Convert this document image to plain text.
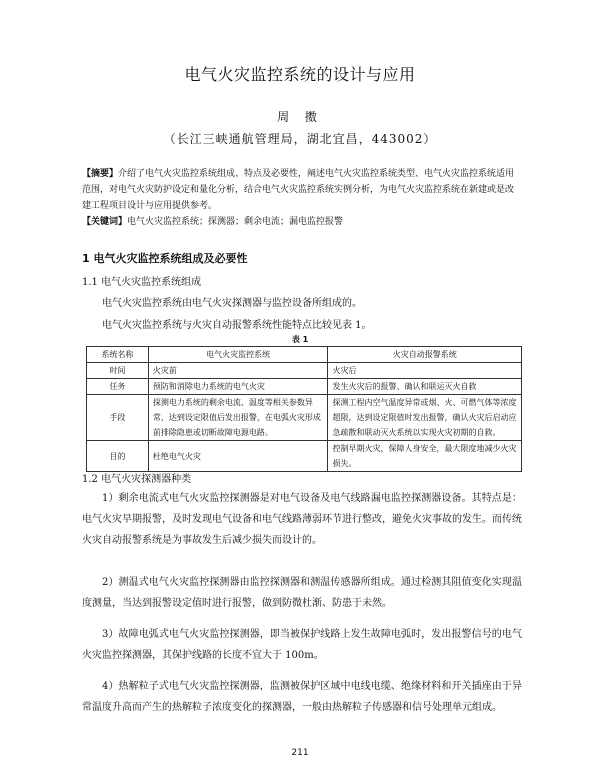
电气火灾监控系统的设计与应用
周 擞
（长江三峡通航管理局，湖北宜昌，443002）
【摘要】介绍了电气火灾监控系统组成、特点及必要性，阐述电气火灾监控系统类型、电气火灾监控系统适用范围，对电气火灾防护设定和量化分析，结合电气火灾监控系统实例分析，为电气火灾监控系统在新建或是改建工程项目设计与应用提供参考。
【关键词】电气火灾监控系统；探测器；剩余电流；漏电监控报警
1 电气火灾监控系统组成及必要性
1.1 电气火灾监控系统组成
电气火灾监控系统由电气火灾探测器与监控设备所组成的。
电气火灾监控系统与火灾自动报警系统性能特点比较见表 1。
表 1
系统名称	电气火灾监控系统	火灾自动报警系统
时间	火灾前	火灾后
任务	预防和消除电力系统的电气火灾	发生火灾后的报警、确认和联运灭火自救
手段	探测电力系统的剩余电流、温度等相关参数异常，达到设定限值后发出报警，在电弧火灾形成前排除隐患或切断故障电源电路。	探测工程内空气温度异常或烟、火、可燃气体等浓度超限，达到设定限值时发出报警，确认火灾后启动应急疏散和联动灭火系统以实现火灾初期的自救。
目的	杜绝电气火灾	控制早期火灾，保障人身安全，最大限度地减少火灾损失。
1.2 电气火灾探测器种类
1）剩余电流式电气火灾监控探测器是对电气设备及电气线路漏电监控探测器设备。其特点是：电气火灾早期报警，及时发现电气设备和电气线路薄弱环节进行整改，避免火灾事故的发生。而传统火灾自动报警系统是为事故发生后减少损失而设计的。
2）测温式电气火灾监控探测器由监控探测器和测温传感器所组成。通过检测其阻值变化实现温度测量，当达到报警设定值时进行报警，做到防微杜渐、防患于未然。
3）故障电弧式电气火灾监控探测器，即当被保护线路上发生故障电弧时，发出报警信号的电气火灾监控探测器，其保护线路的长度不宜大于 100m。
4）热解粒子式电气火灾监控探测器，监测被保护区域中电线电缆、绝缘材料和开关插座由于异常温度升高而产生的热解粒子浓度变化的探测器，一般由热解粒子传感器和信号处理单元组成。
211
